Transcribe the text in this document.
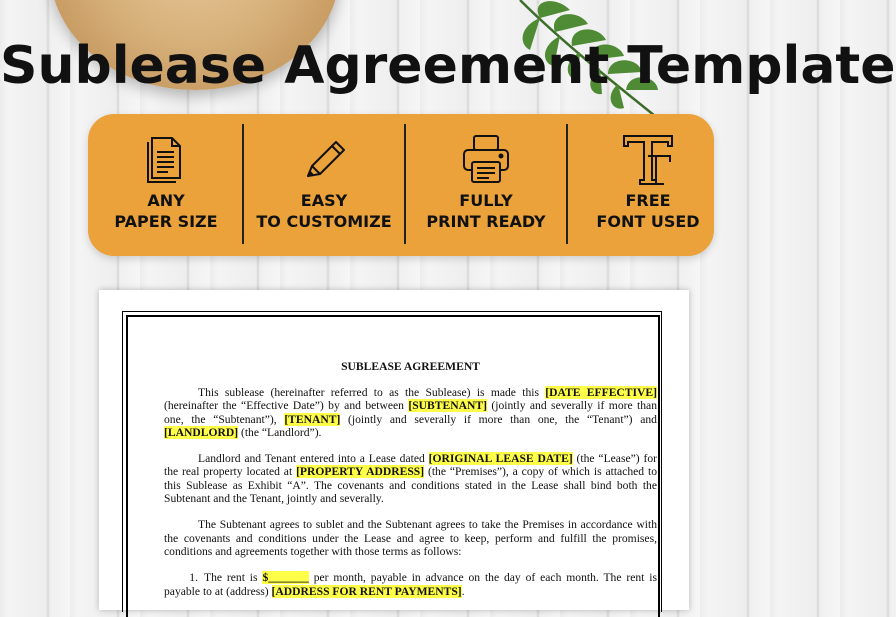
Sublease Agreement Template
ANY
PAPER SIZE
EASY
TO CUSTOMIZE
FULLY
PRINT READY
FREE
FONT USED
SUBLEASE AGREEMENT

This sublease (hereinafter referred to as the Sublease) is made this [DATE EFFECTIVE] (hereinafter the “Effective Date”) by and between [SUBTENANT] (jointly and severally if more than one, the “Subtenant”), [TENANT] (jointly and severally if more than one, the “Tenant”) and [LANDLORD] (the “Landlord”).

Landlord and Tenant entered into a Lease dated [ORIGINAL LEASE DATE] (the “Lease”) for the real property located at [PROPERTY ADDRESS] (the “Premises”), a copy of which is attached to this Sublease as Exhibit “A”. The covenants and conditions stated in the Lease shall bind both the Subtenant and the Tenant, jointly and severally.

The Subtenant agrees to sublet and the Subtenant agrees to take the Premises in accordance with the covenants and conditions under the Lease and agree to keep, perform and fulfill the promises, conditions and agreements together with those terms as follows:

1. The rent is $_______ per month, payable in advance on the day of each month. The rent is payable to at (address) [ADDRESS FOR RENT PAYMENTS].
